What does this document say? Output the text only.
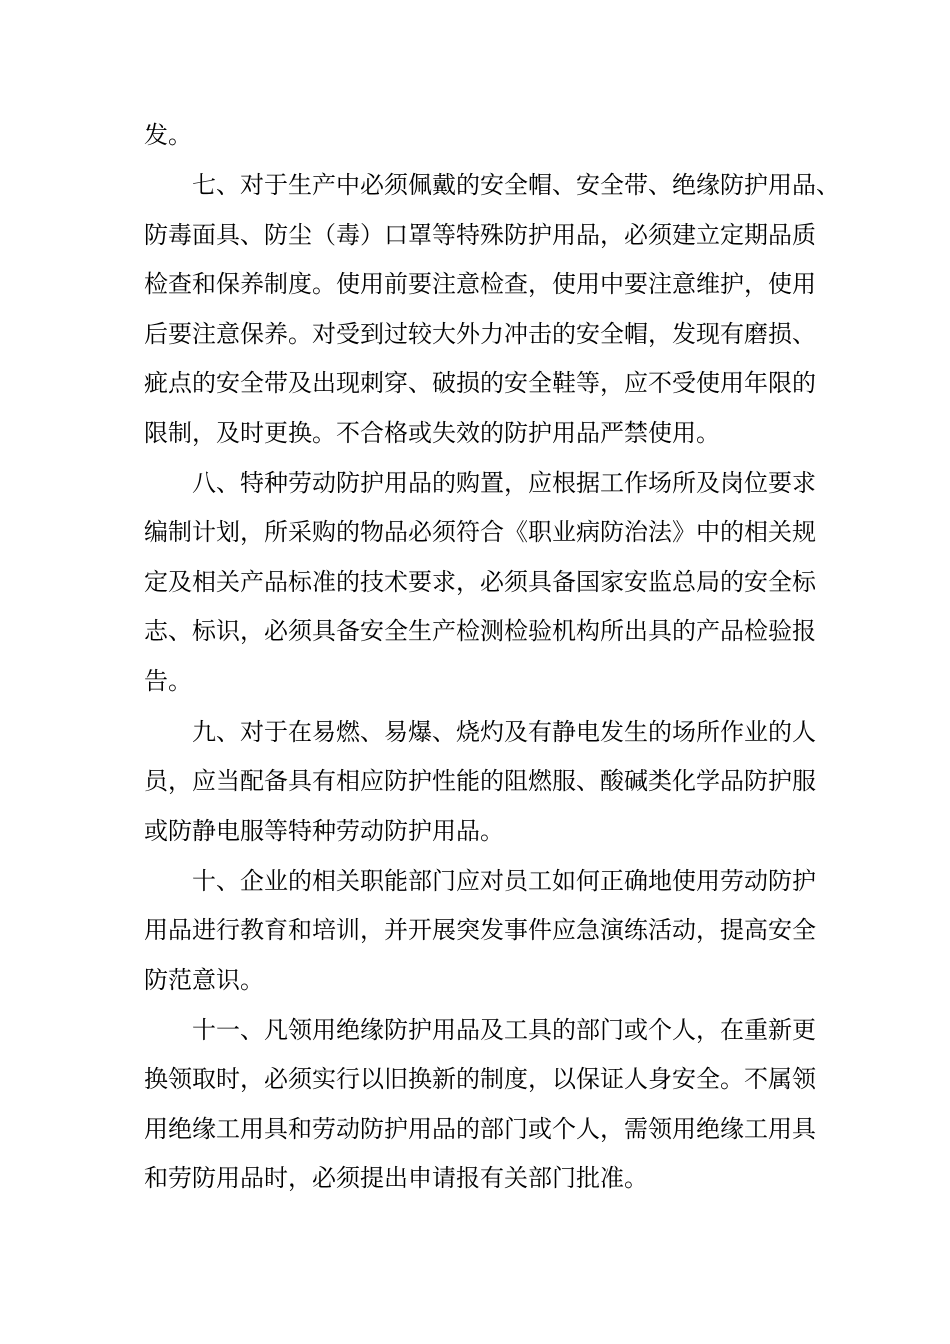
发。
七、对于生产中必须佩戴的安全帽、安全带、绝缘防护用品、
防毒面具、防尘（毒）口罩等特殊防护用品，必须建立定期品质
检查和保养制度。使用前要注意检查，使用中要注意维护，使用
后要注意保养。对受到过较大外力冲击的安全帽，发现有磨损、
疵点的安全带及出现刺穿、破损的安全鞋等，应不受使用年限的
限制，及时更换。不合格或失效的防护用品严禁使用。
八、特种劳动防护用品的购置，应根据工作场所及岗位要求
编制计划，所采购的物品必须符合《职业病防治法》中的相关规
定及相关产品标准的技术要求，必须具备国家安监总局的安全标
志、标识，必须具备安全生产检测检验机构所出具的产品检验报
告。
九、对于在易燃、易爆、烧灼及有静电发生的场所作业的人
员，应当配备具有相应防护性能的阻燃服、酸碱类化学品防护服
或防静电服等特种劳动防护用品。
十、企业的相关职能部门应对员工如何正确地使用劳动防护
用品进行教育和培训，并开展突发事件应急演练活动，提高安全
防范意识。
十一、凡领用绝缘防护用品及工具的部门或个人，在重新更
换领取时，必须实行以旧换新的制度，以保证人身安全。不属领
用绝缘工用具和劳动防护用品的部门或个人，需领用绝缘工用具
和劳防用品时，必须提出申请报有关部门批准。
